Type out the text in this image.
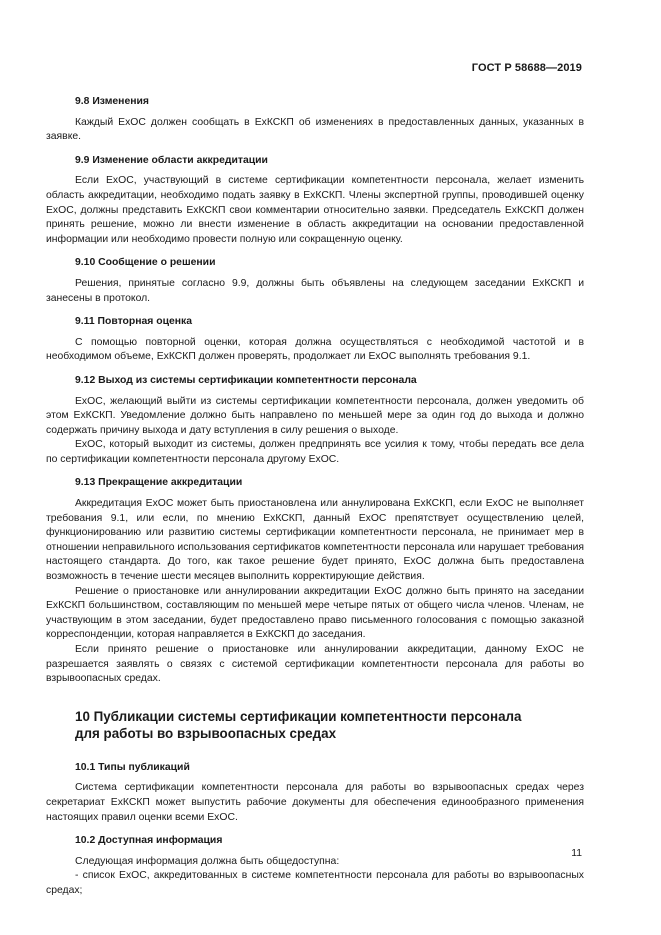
ГОСТ Р 58688—2019
9.8 Изменения

Каждый ExOC должен сообщать в ExКСКП об изменениях в предоставленных данных, указанных в заявке.

9.9 Изменение области аккредитации

Если ExOC, участвующий в системе сертификации компетентности персонала, желает изменить область аккредитации, необходимо подать заявку в ExКСКП. Члены экспертной группы, проводившей оценку ExOC, должны представить ExКСКП свои комментарии относительно заявки. Председатель ExКСКП должен принять решение, можно ли внести изменение в область аккредитации на основании предоставленной информации или необходимо провести полную или сокращенную оценку.

9.10 Сообщение о решении

Решения, принятые согласно 9.9, должны быть объявлены на следующем заседании ExКСКП и занесены в протокол.

9.11 Повторная оценка

С помощью повторной оценки, которая должна осуществляться с необходимой частотой и в необходимом объеме, ExКСКП должен проверять, продолжает ли ExOC выполнять требования 9.1.

9.12 Выход из системы сертификации компетентности персонала

ExOC, желающий выйти из системы сертификации компетентности персонала, должен уведомить об этом ExКСКП. Уведомление должно быть направлено по меньшей мере за один год до выхода и должно содержать причину выхода и дату вступления в силу решения о выходе.

ExOC, который выходит из системы, должен предпринять все усилия к тому, чтобы передать все дела по сертификации компетентности персонала другому ExOC.

9.13 Прекращение аккредитации

Аккредитация ExOC может быть приостановлена или аннулирована ExКСКП, если ExOC не выполняет требования 9.1, или если, по мнению ExКСКП, данный ExOC препятствует осуществлению целей, функционированию или развитию системы сертификации компетентности персонала, не принимает мер в отношении неправильного использования сертификатов компетентности персонала или нарушает требования настоящего стандарта. До того, как такое решение будет принято, ExOC должна быть предоставлена возможность в течение шести месяцев выполнить корректирующие действия.

Решение о приостановке или аннулировании аккредитации ExOC должно быть принято на заседании ExКСКП большинством, составляющим по меньшей мере четыре пятых от общего числа членов. Членам, не участвующим в этом заседании, будет предоставлено право письменного голосования с помощью заказной корреспонденции, которая направляется в ExКСКП до заседания.

Если принято решение о приостановке или аннулировании аккредитации, данному ExOC не разрешается заявлять о связях с системой сертификации компетентности персонала для работы во взрывоопасных средах.

10 Публикации системы сертификации компетентности персонала
для работы во взрывоопасных средах
10.1 Типы публикаций

Система сертификации компетентности персонала для работы во взрывоопасных средах через секретариат ExКСКП может выпустить рабочие документы для обеспечения единообразного применения настоящих правил оценки всеми ExOC.

10.2 Доступная информация

Следующая информация должна быть общедоступна:

- список ExOC, аккредитованных в системе компетентности персонала для работы во взрывоопасных средах;

11
